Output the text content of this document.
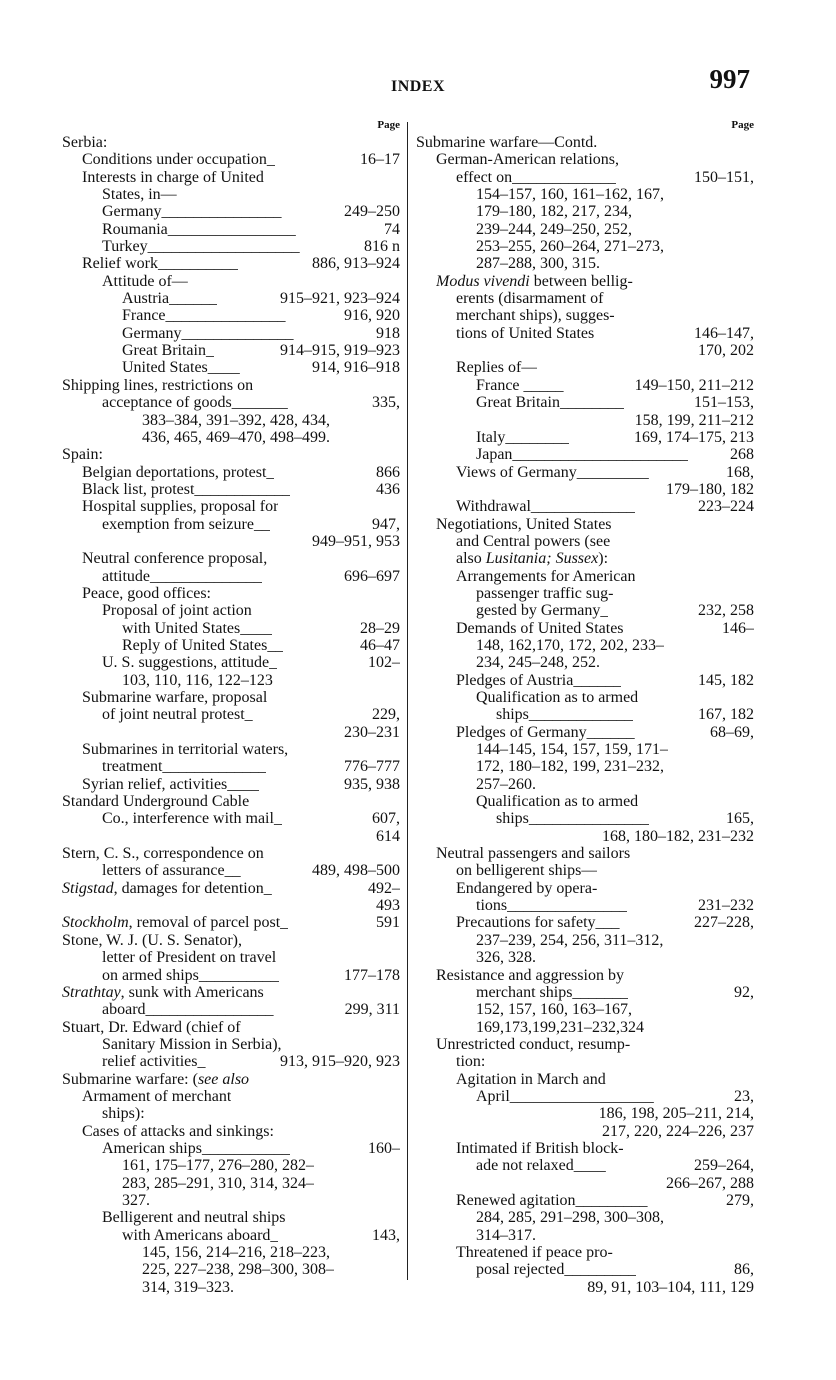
INDEX	997
Page
Serbia:
Conditions under occupation_	16–17
Interests in charge of United
States, in—
Germany_______________	249–250
Roumania________________	74
Turkey___________________	816 n
Relief work__________	886, 913–924
Attitude of—
Austria______	915–921, 923–924
France_______________	916, 920
Germany______________	918
Great Britain_	914–915, 919–923
United States____	914, 916–918
Shipping lines, restrictions on
acceptance of goods_______	335,
383–384, 391–392, 428, 434,
436, 465, 469–470, 498–499.
Spain:
Belgian deportations, protest_	866
Black list, protest____________	436
Hospital supplies, proposal for
exemption from seizure__	947,
949–951, 953
Neutral conference proposal,
attitude______________	696–697
Peace, good offices:
Proposal of joint action
with United States____	28–29
Reply of United States__	46–47
U. S. suggestions, attitude_	102–
103, 110, 116, 122–123
Submarine warfare, proposal
of joint neutral protest_	229,
230–231
Submarines in territorial waters,
treatment_____________	776–777
Syrian relief, activities____	935, 938
Standard Underground Cable
Co., interference with mail_	607,
614
Stern, C. S., correspondence on
letters of assurance__	489, 498–500
Stigstad, damages for detention_	492–
493
Stockholm, removal of parcel post_	591
Stone, W. J. (U. S. Senator),
letter of President on travel
on armed ships__________	177–178
Strathtay, sunk with Americans
aboard________________	299, 311
Stuart, Dr. Edward (chief of
Sanitary Mission in Serbia),
relief activities_	913, 915–920, 923
Submarine warfare: (see also
Armament of merchant
ships):
Cases of attacks and sinkings:
American ships___________	160–
161, 175–177, 276–280, 282–
283, 285–291, 310, 314, 324–
327.
Belligerent and neutral ships
with Americans aboard_	143,
145, 156, 214–216, 218–223,
225, 227–238, 298–300, 308–
314, 319–323.
Page
Submarine warfare—Contd.
German-American relations,
effect on_____________	150–151,
154–157, 160, 161–162, 167,
179–180, 182, 217, 234,
239–244, 249–250, 252,
253–255, 260–264, 271–273,
287–288, 300, 315.
Modus vivendi between bellig-
erents (disarmament of
merchant ships), sugges-
tions of United States	146–147,
170, 202
Replies of—
France _____	149–150, 211–212
Great Britain________	151–153,
158, 199, 211–212
Italy________	169, 174–175, 213
Japan______________________	268
Views of Germany_________	168,
179–180, 182
Withdrawal_____________	223–224
Negotiations, United States
and Central powers (see
also Lusitania; Sussex):
Arrangements for American
passenger traffic sug-
gested by Germany_	232, 258
Demands of United States	146–
148, 162,170, 172, 202, 233–
234, 245–248, 252.
Pledges of Austria______	145, 182
Qualification as to armed
ships_____________	167, 182
Pledges of Germany______	68–69,
144–145, 154, 157, 159, 171–
172, 180–182, 199, 231–232,
257–260.
Qualification as to armed
ships_______________	165,
168, 180–182, 231–232
Neutral passengers and sailors
on belligerent ships—
Endangered by opera-
tions_______________	231–232
Precautions for safety___	227–228,
237–239, 254, 256, 311–312,
326, 328.
Resistance and aggression by
merchant ships_______	92,
152, 157, 160, 163–167,
169,173,199,231–232,324
Unrestricted conduct, resump-
tion:
Agitation in March and
April__________________	23,
186, 198, 205–211, 214,
217, 220, 224–226, 237
Intimated if British block-
ade not relaxed____	259–264,
266–267, 288
Renewed agitation_________	279,
284, 285, 291–298, 300–308,
314–317.
Threatened if peace pro-
posal rejected_________	86,
89, 91, 103–104, 111, 129
